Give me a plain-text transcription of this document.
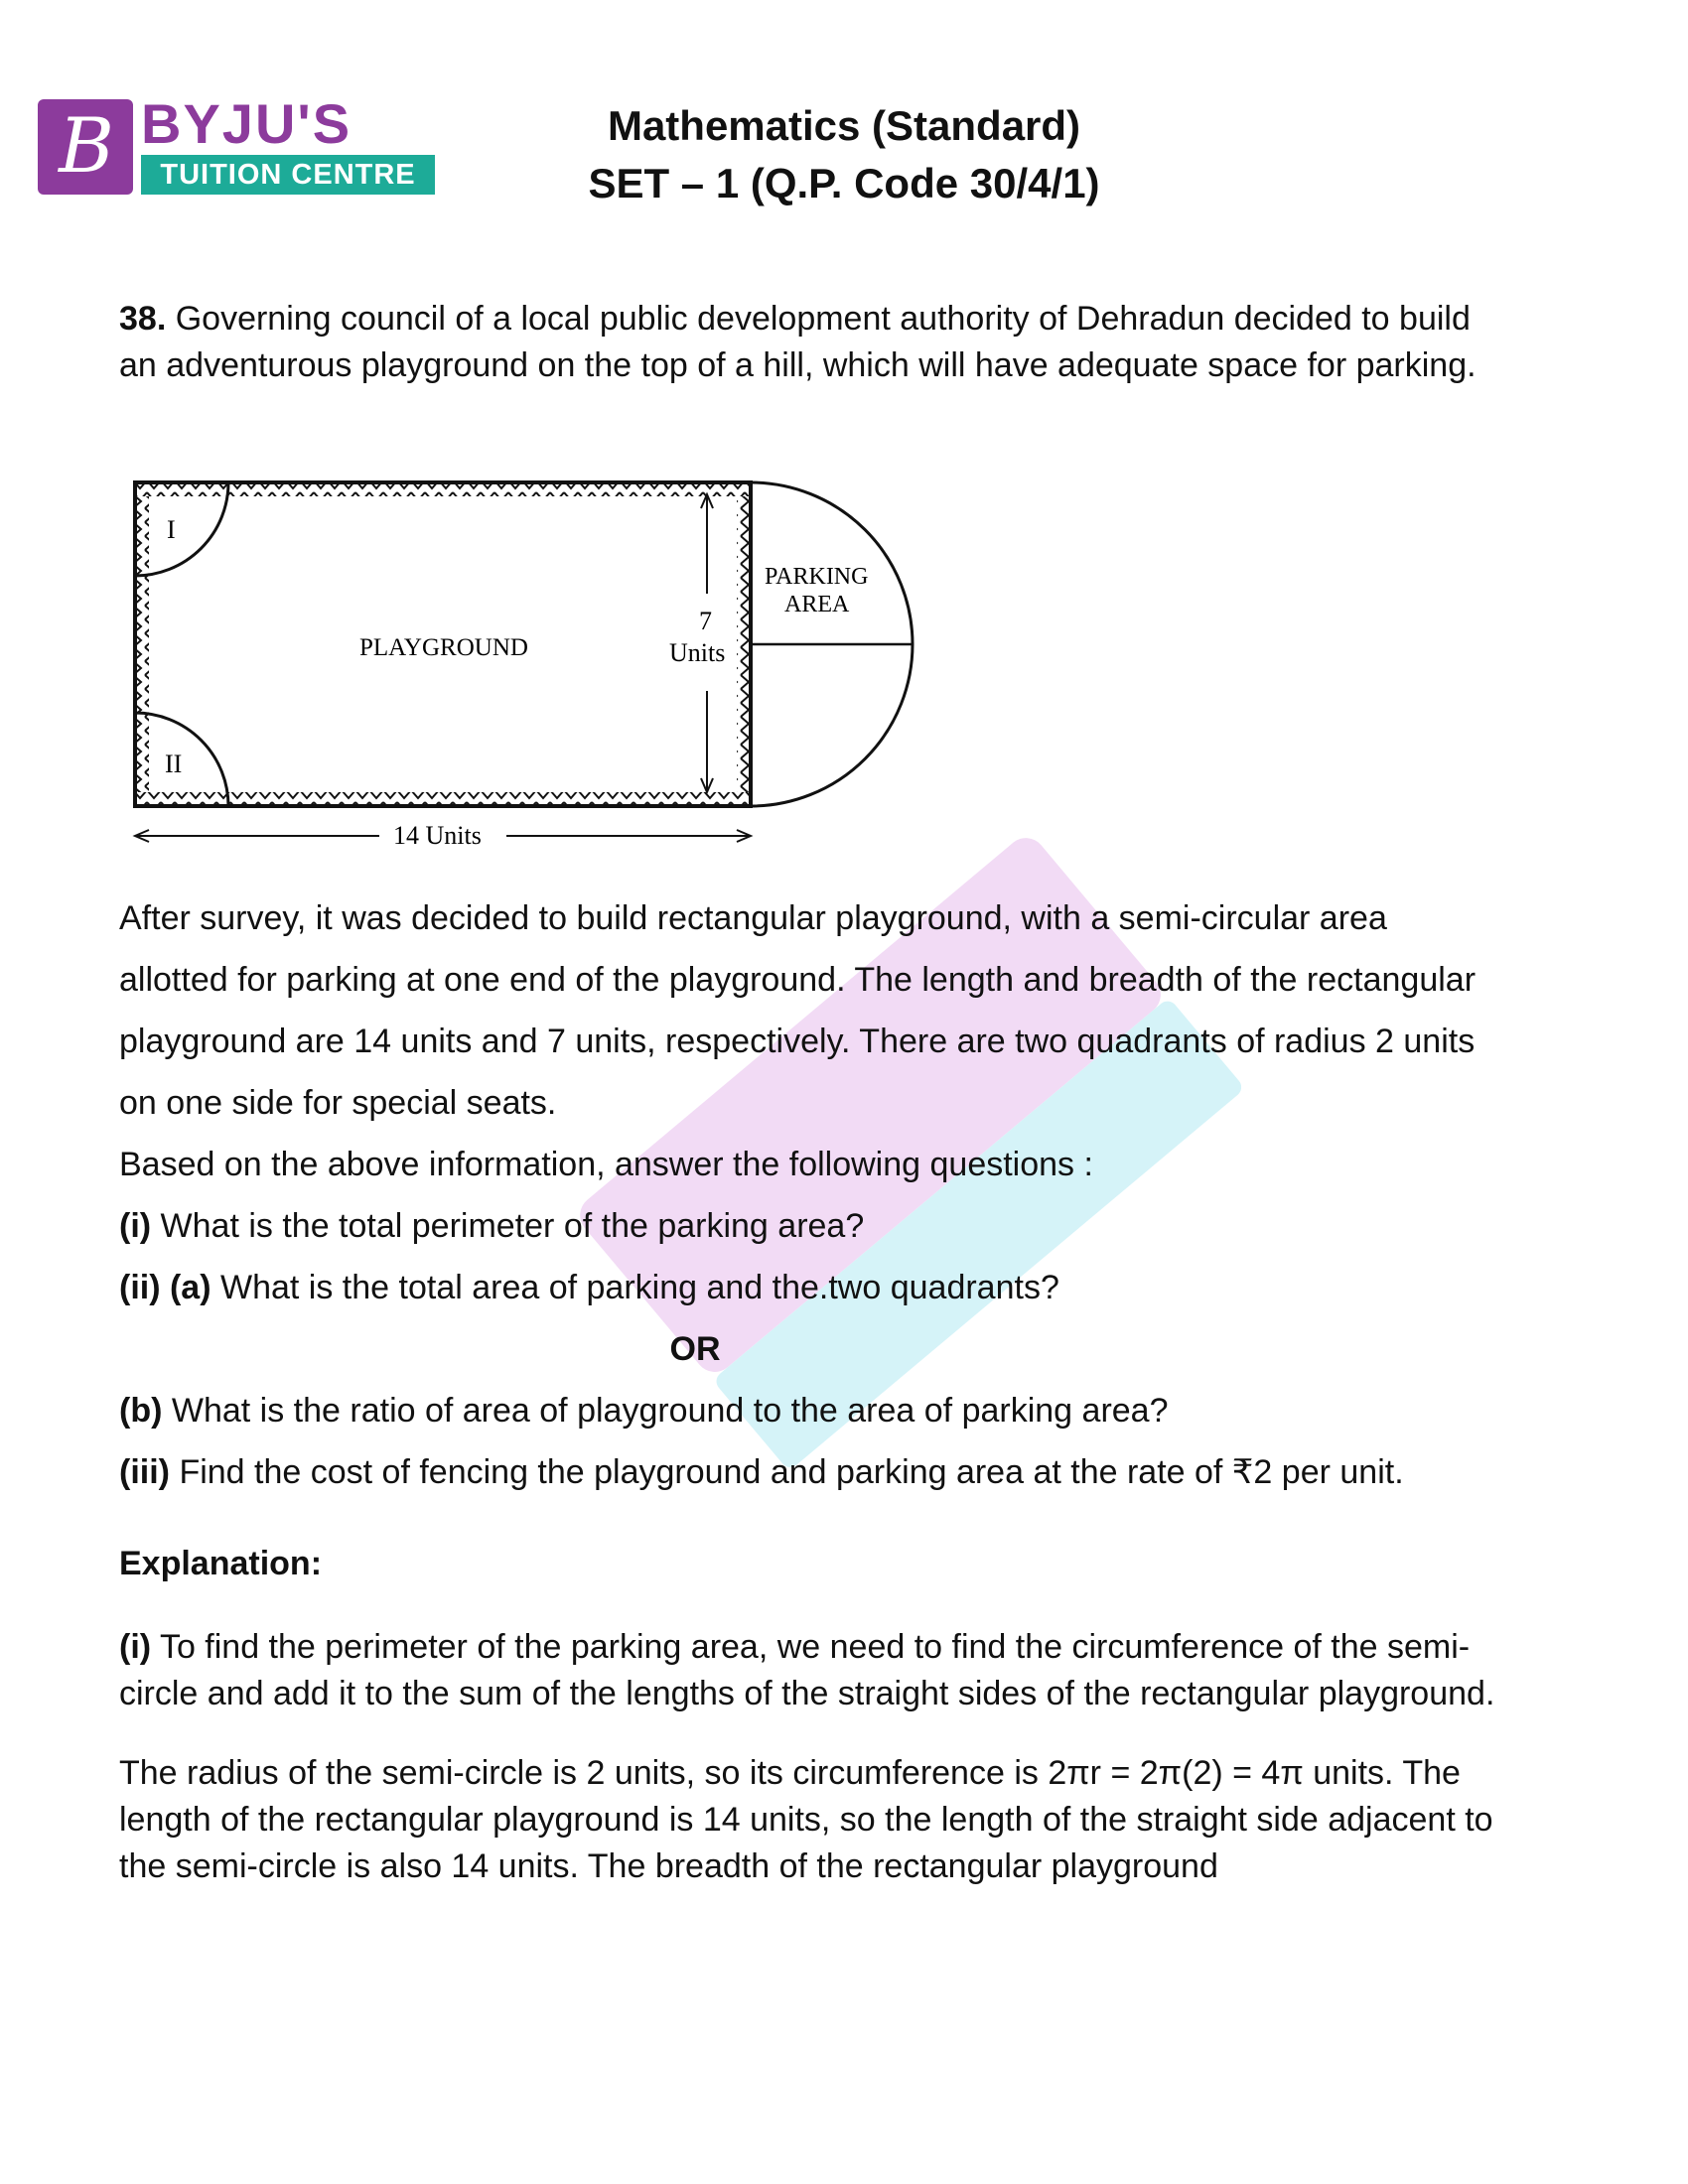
B BYJU'S
TUITION CENTRE
Mathematics (Standard)
SET – 1 (Q.P. Code 30/4/1)

38. Governing council of a local public development authority of Dehradun decided to build an adventurous playground on the top of a hill, which will have adequate space for parking.

I
II
PLAYGROUND
PARKING
AREA
7
Units
14 Units

After survey, it was decided to build rectangular playground, with a semi-circular area allotted for parking at one end of the playground. The length and breadth of the rectangular playground are 14 units and 7 units, respectively. There are two quadrants of radius 2 units on one side for special seats.

Based on the above information, answer the following questions :

(i) What is the total perimeter of the parking area?

(ii) (a) What is the total area of parking and the.two quadrants?

OR

(b) What is the ratio of area of playground to the area of parking area?

(iii) Find the cost of fencing the playground and parking area at the rate of ₹2 per unit.

Explanation:

(i) To find the perimeter of the parking area, we need to find the circumference of the semi-circle and add it to the sum of the lengths of the straight sides of the rectangular playground.

The radius of the semi-circle is 2 units, so its circumference is 2πr = 2π(2) = 4π units. The length of the rectangular playground is 14 units, so the length of the straight side adjacent to the semi-circle is also 14 units. The breadth of the rectangular playground
